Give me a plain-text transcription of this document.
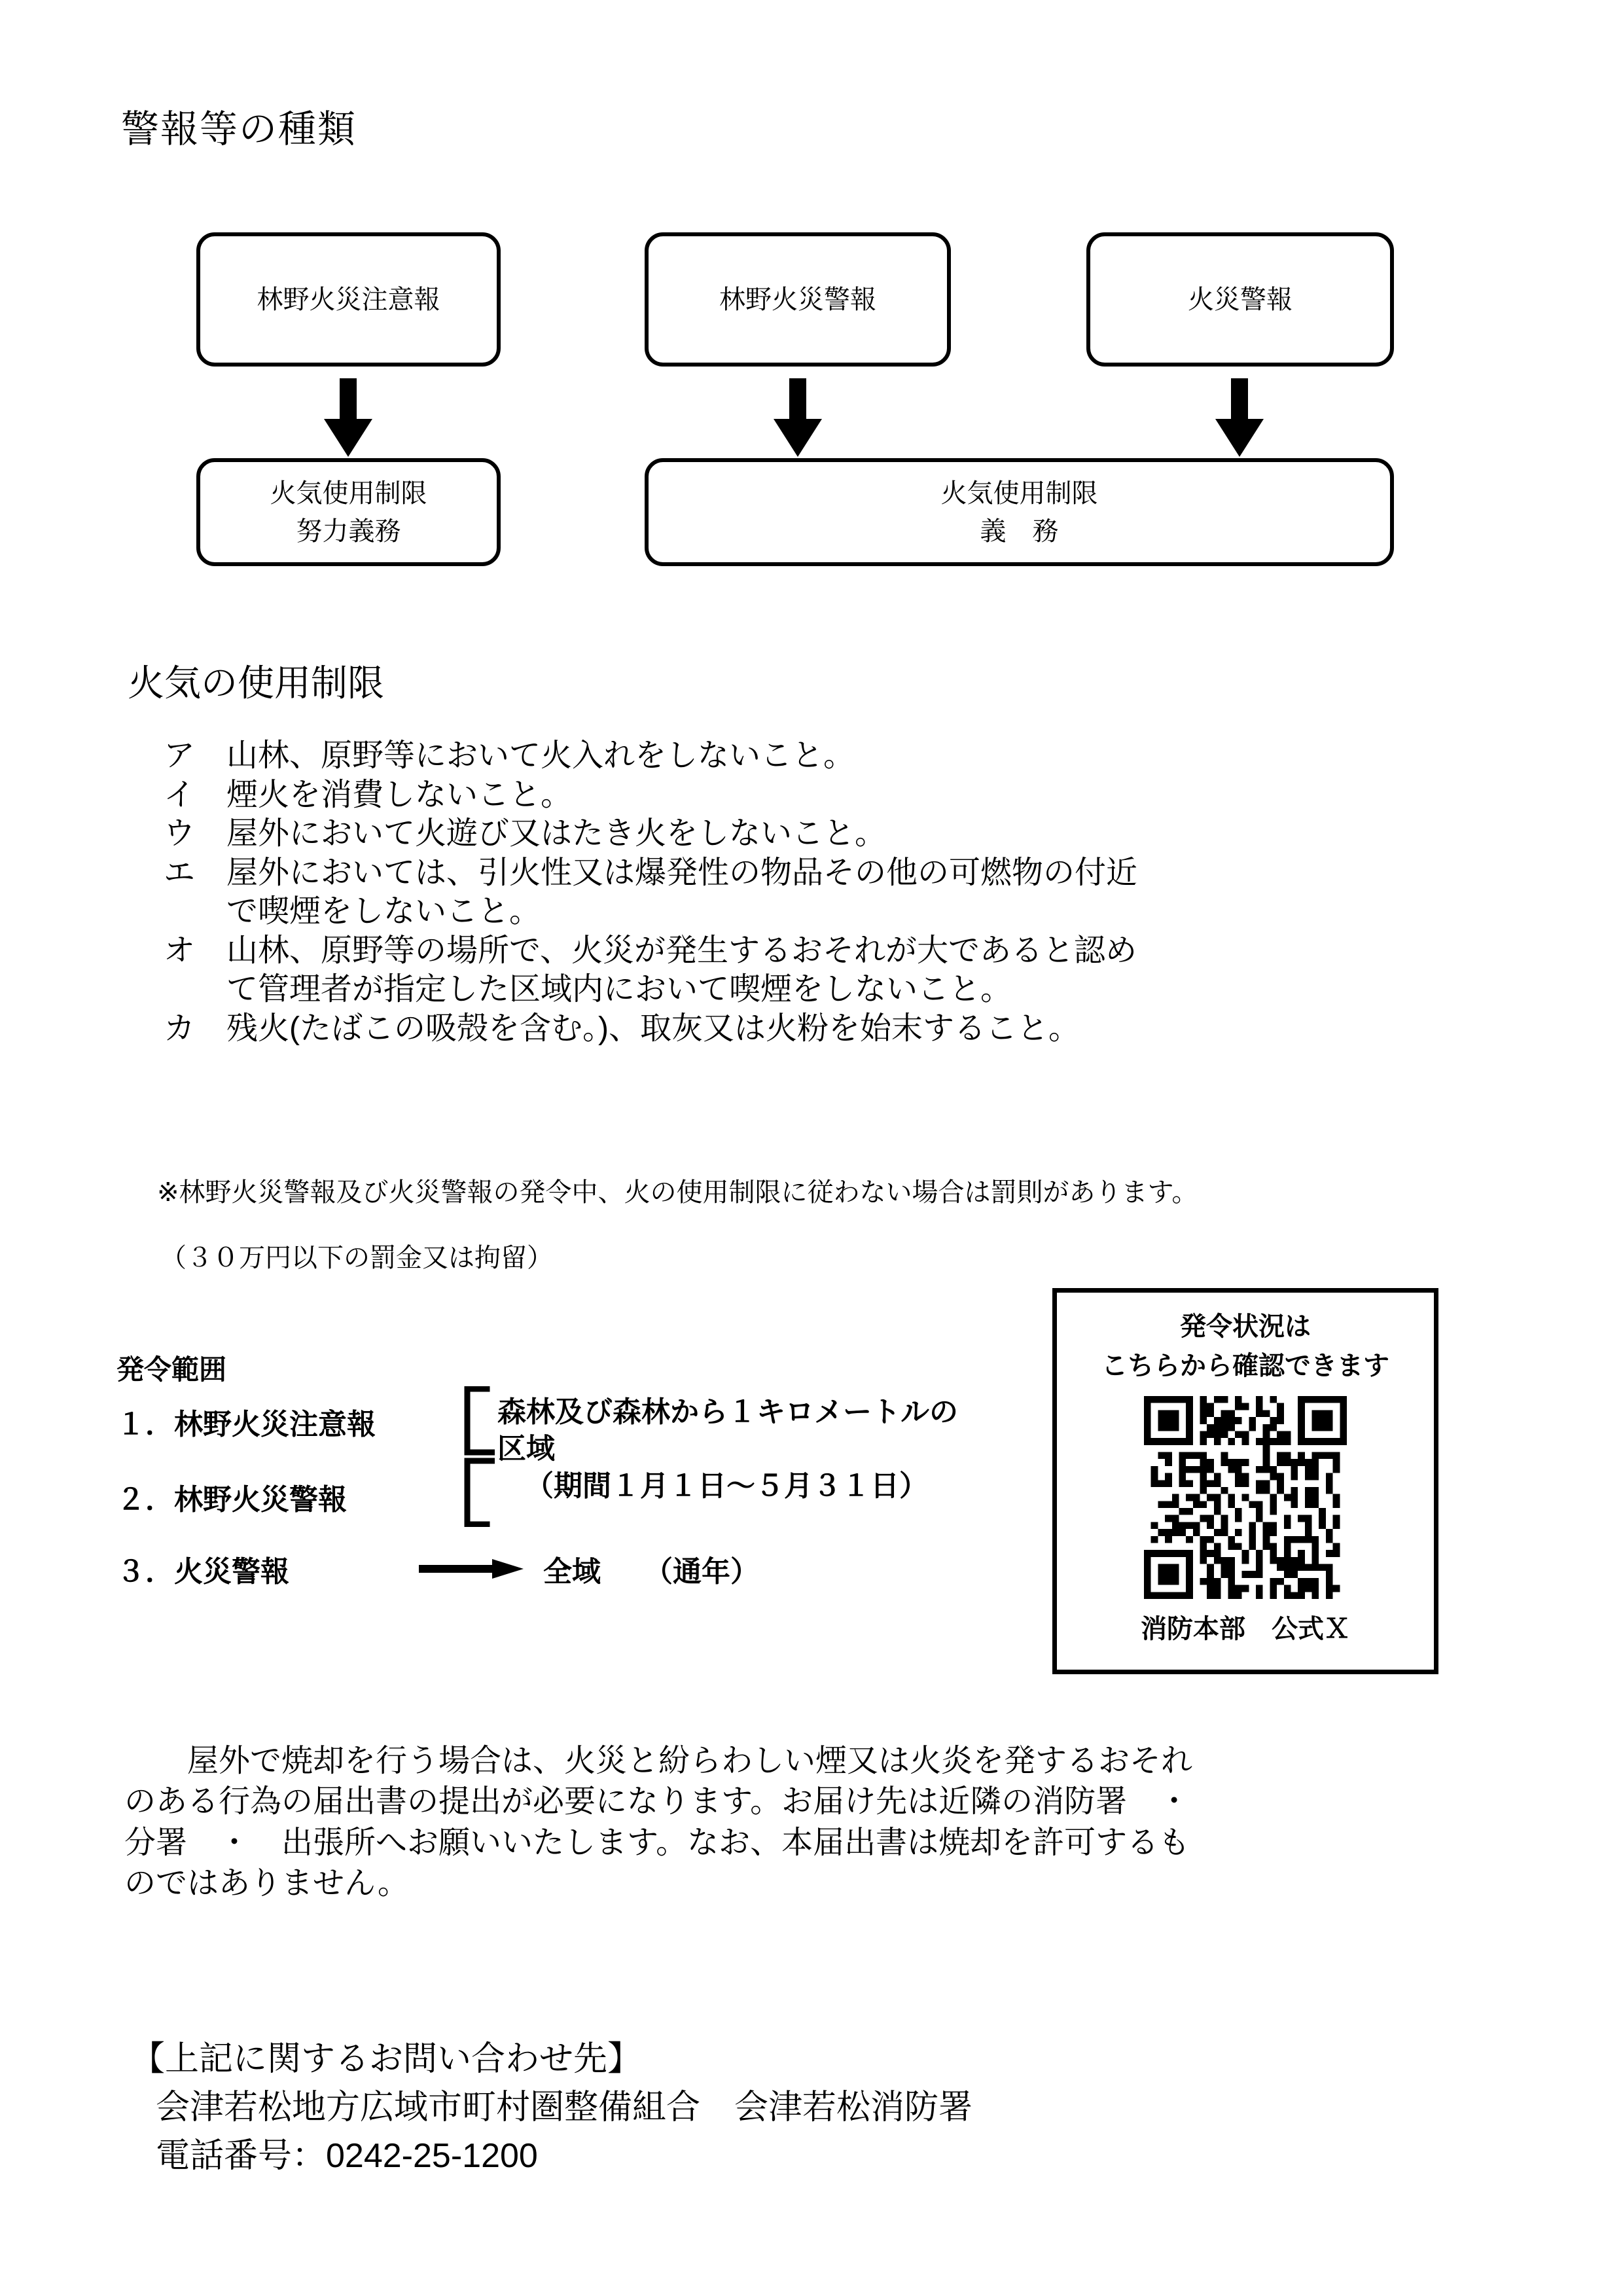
警報等の種類
林野火災注意報	林野火災警報	火災警報
火気使用制限
努力義務
火気使用制限
義　務
火気の使用制限
ア 山林、原野等において火入れをしないこと。
イ 煙火を消費しないこと。
ウ 屋外において火遊び又はたき火をしないこと。
エ 屋外においては、引火性又は爆発性の物品その他の可燃物の付近
で喫煙をしないこと。
オ 山林、原野等の場所で、火災が発生するおそれが大であると認め
て管理者が指定した区域内において喫煙をしないこと。
カ 残火(たばこの吸殻を含む。)、取灰又は火粉を始末すること。
※林野火災警報及び火災警報の発令中、火の使用制限に従わない場合は罰則があります。
（３０万円以下の罰金又は拘留）
発令範囲
１．林野火災注意報
２．林野火災警報
３．火災警報
森林及び森林から１キロメートルの
区域
（期間１月１日～５月３１日）
全域　　（通年）
発令状況は
こちらから確認できます
消防本部　公式Ｘ
屋外で焼却を行う場合は、火災と紛らわしい煙又は火炎を発するおそれ
のある行為の届出書の提出が必要になります。お届け先は近隣の消防署　・
分署　・　出張所へお願いいたします。なお、本届出書は焼却を許可するも
のではありません。
【上記に関するお問い合わせ先】
会津若松地方広域市町村圏整備組合　会津若松消防署
電話番号：0242-25-1200
